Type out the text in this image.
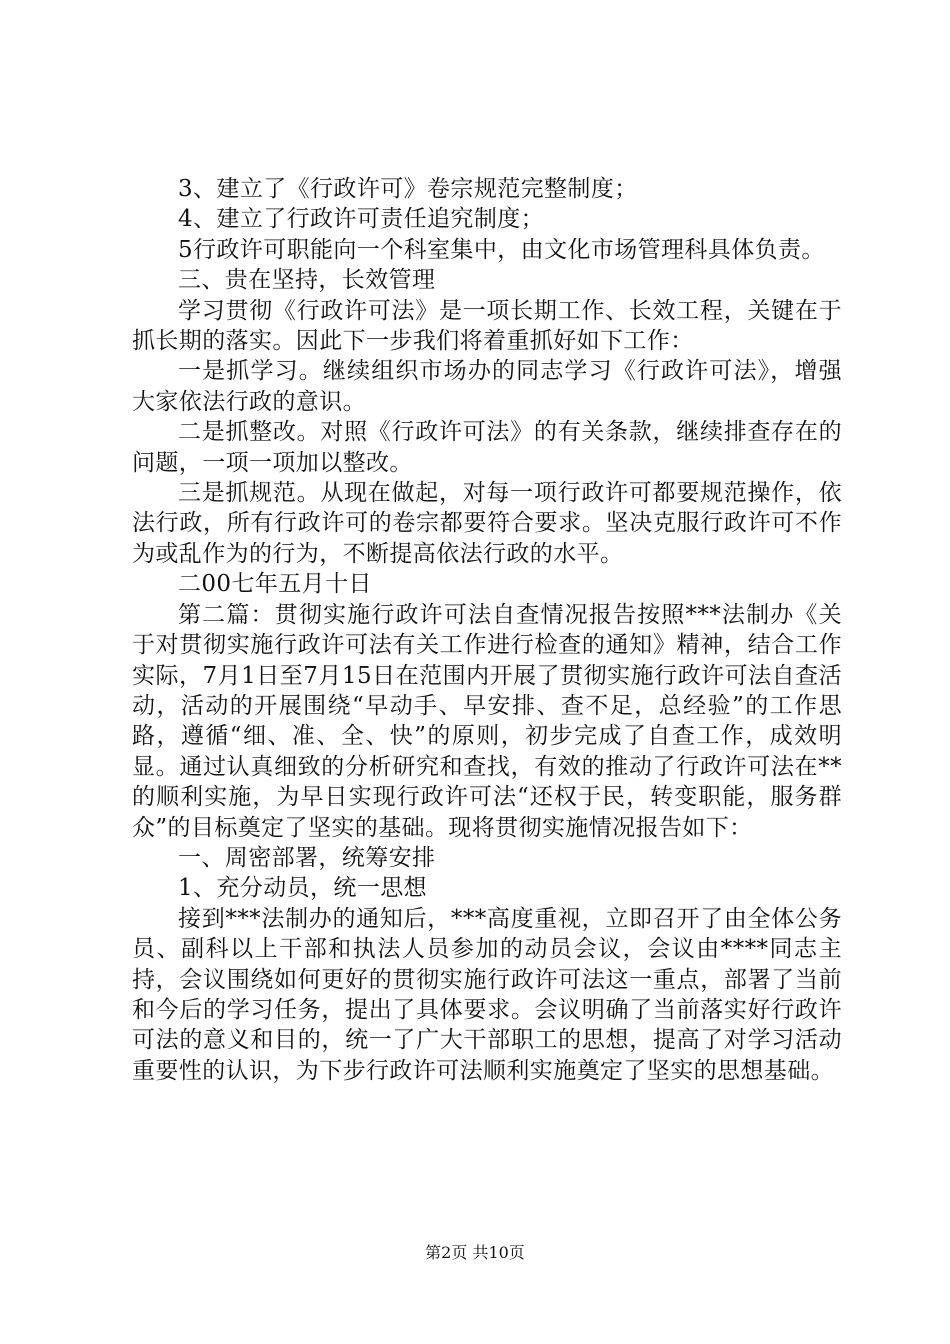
3、建立了《行政许可》卷宗规范完整制度；

4、建立了行政许可责任追究制度；

5行政许可职能向一个科室集中，由文化市场管理科具体负责。

三、贵在坚持，长效管理

学习贯彻《行政许可法》是一项长期工作、长效工程，关键在于抓长期的落实。因此下一步我们将着重抓好如下工作：

一是抓学习。继续组织市场办的同志学习《行政许可法》，增强大家依法行政的意识。

二是抓整改。对照《行政许可法》的有关条款，继续排查存在的问题，一项一项加以整改。

三是抓规范。从现在做起，对每一项行政许可都要规范操作，依法行政，所有行政许可的卷宗都要符合要求。坚决克服行政许可不作为或乱作为的行为，不断提高依法行政的水平。

二00七年五月十日

第二篇：贯彻实施行政许可法自查情况报告按照***法制办《关于对贯彻实施行政许可法有关工作进行检查的通知》精神，结合工作实际，7月1日至7月15日在范围内开展了贯彻实施行政许可法自查活动，活动的开展围绕“早动手、早安排、查不足，总经验”的工作思路，遵循“细、准、全、快”的原则，初步完成了自查工作，成效明显。通过认真细致的分析研究和查找，有效的推动了行政许可法在**的顺利实施，为早日实现行政许可法“还权于民，转变职能，服务群众”的目标奠定了坚实的基础。现将贯彻实施情况报告如下：

一、周密部署，统筹安排

1、充分动员，统一思想

接到***法制办的通知后，***高度重视，立即召开了由全体公务员、副科以上干部和执法人员参加的动员会议，会议由****同志主持，会议围绕如何更好的贯彻实施行政许可法这一重点，部署了当前和今后的学习任务，提出了具体要求。会议明确了当前落实好行政许可法的意义和目的，统一了广大干部职工的思想，提高了对学习活动重要性的认识，为下步行政许可法顺利实施奠定了坚实的思想基础。

第2页 共10页
